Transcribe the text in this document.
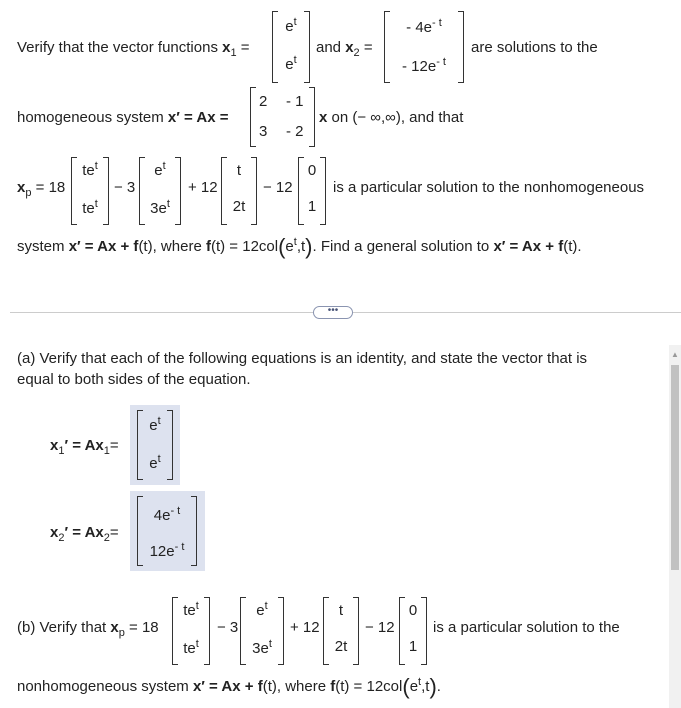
Verify that the vector functions $x_1$ =
$e^t$
$e^t$
and $x_2$ =
- $4e^{- t}$
- $12e^{- t}$
are solutions to the
homogeneous system x′ = Ax =
2 - 1
3 - 2
x on (− ∞,∞), and that
$x_p = 18$
$te^t$
$te^t$
− 3
$e^t$
$3e^t$
+ 12
t
2t
− 12
0
1
is a particular solution to the nonhomogeneous
system x′ = Ax + f(t), where $f(t) = 12col(e^t,t)$. Find a general solution to x′ = Ax + f(t).
•••
(a) Verify that each of the following equations is an identity, and state the vector that is
equal to both sides of the equation.
$x_1' = Ax_1=$
$e^t$
$e^t$
$x_2' = Ax_2=$
$4e^{- t}$
$12e^{- t}$
(b) Verify that $x_p = 18$
$te^t$
$te^t$
− 3
$e^t$
$3e^t$
+ 12
t
2t
− 12
0
1
is a particular solution to the
nonhomogeneous system x′ = Ax + f(t), where $f(t) = 12col(e^t,t)$.
▲
